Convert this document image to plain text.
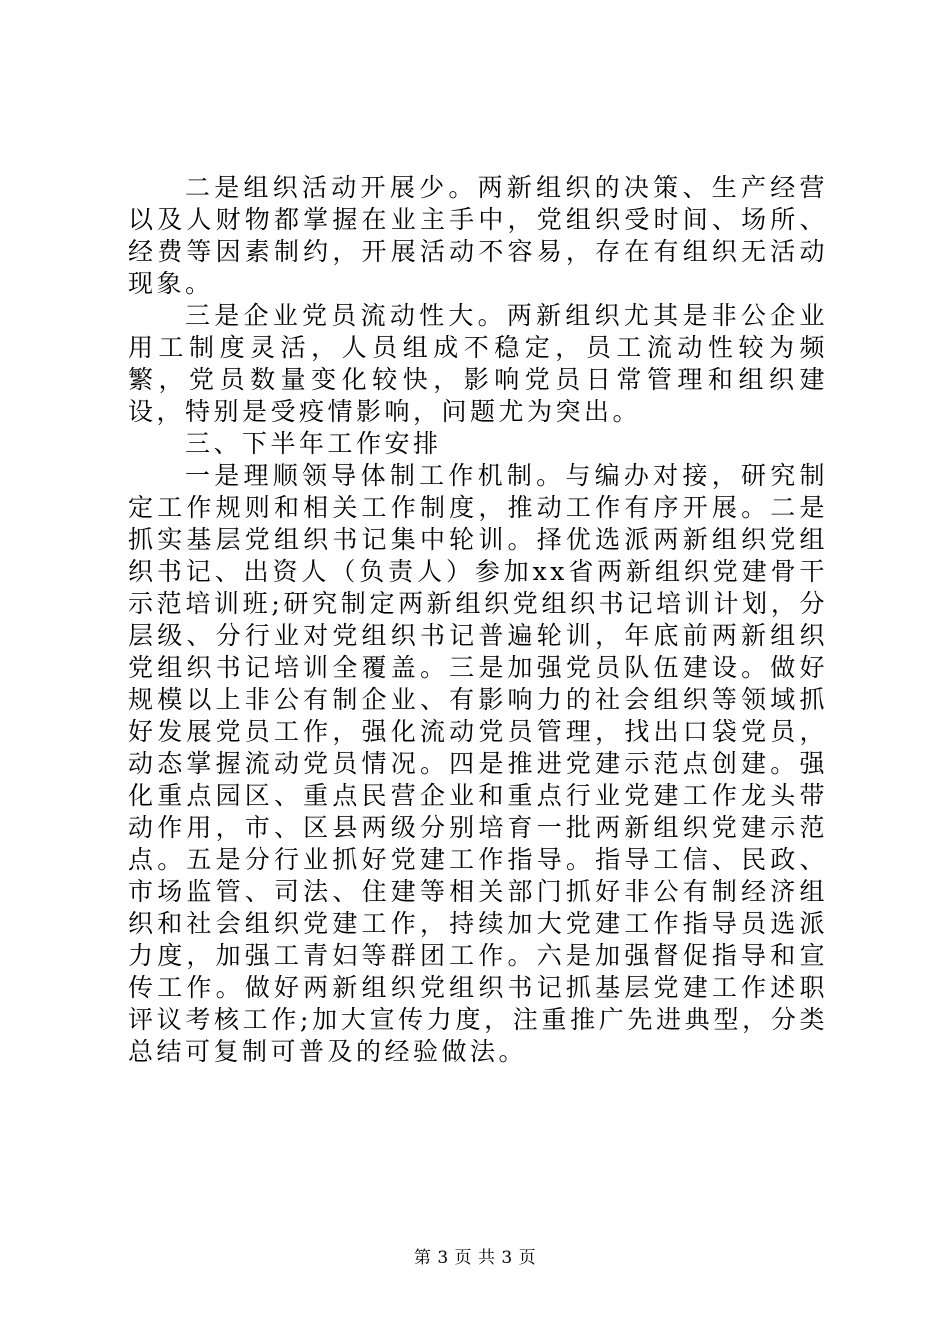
二是组织活动开展少。两新组织的决策、生产经营以及人财物都掌握在业主手中，党组织受时间、场所、经费等因素制约，开展活动不容易，存在有组织无活动现象。

三是企业党员流动性大。两新组织尤其是非公企业用工制度灵活，人员组成不稳定，员工流动性较为频繁，党员数量变化较快，影响党员日常管理和组织建设，特别是受疫情影响，问题尤为突出。

三、下半年工作安排

一是理顺领导体制工作机制。与编办对接，研究制定工作规则和相关工作制度，推动工作有序开展。二是抓实基层党组织书记集中轮训。择优选派两新组织党组织书记、出资人（负责人）参加xx省两新组织党建骨干示范培训班;研究制定两新组织党组织书记培训计划，分层级、分行业对党组织书记普遍轮训，年底前两新组织党组织书记培训全覆盖。三是加强党员队伍建设。做好规模以上非公有制企业、有影响力的社会组织等领域抓好发展党员工作，强化流动党员管理，找出口袋党员，动态掌握流动党员情况。四是推进党建示范点创建。强化重点园区、重点民营企业和重点行业党建工作龙头带动作用，市、区县两级分别培育一批两新组织党建示范点。五是分行业抓好党建工作指导。指导工信、民政、市场监管、司法、住建等相关部门抓好非公有制经济组织和社会组织党建工作，持续加大党建工作指导员选派力度，加强工青妇等群团工作。六是加强督促指导和宣传工作。做好两新组织党组织书记抓基层党建工作述职评议考核工作;加大宣传力度，注重推广先进典型，分类总结可复制可普及的经验做法。

第 3 页 共 3 页
